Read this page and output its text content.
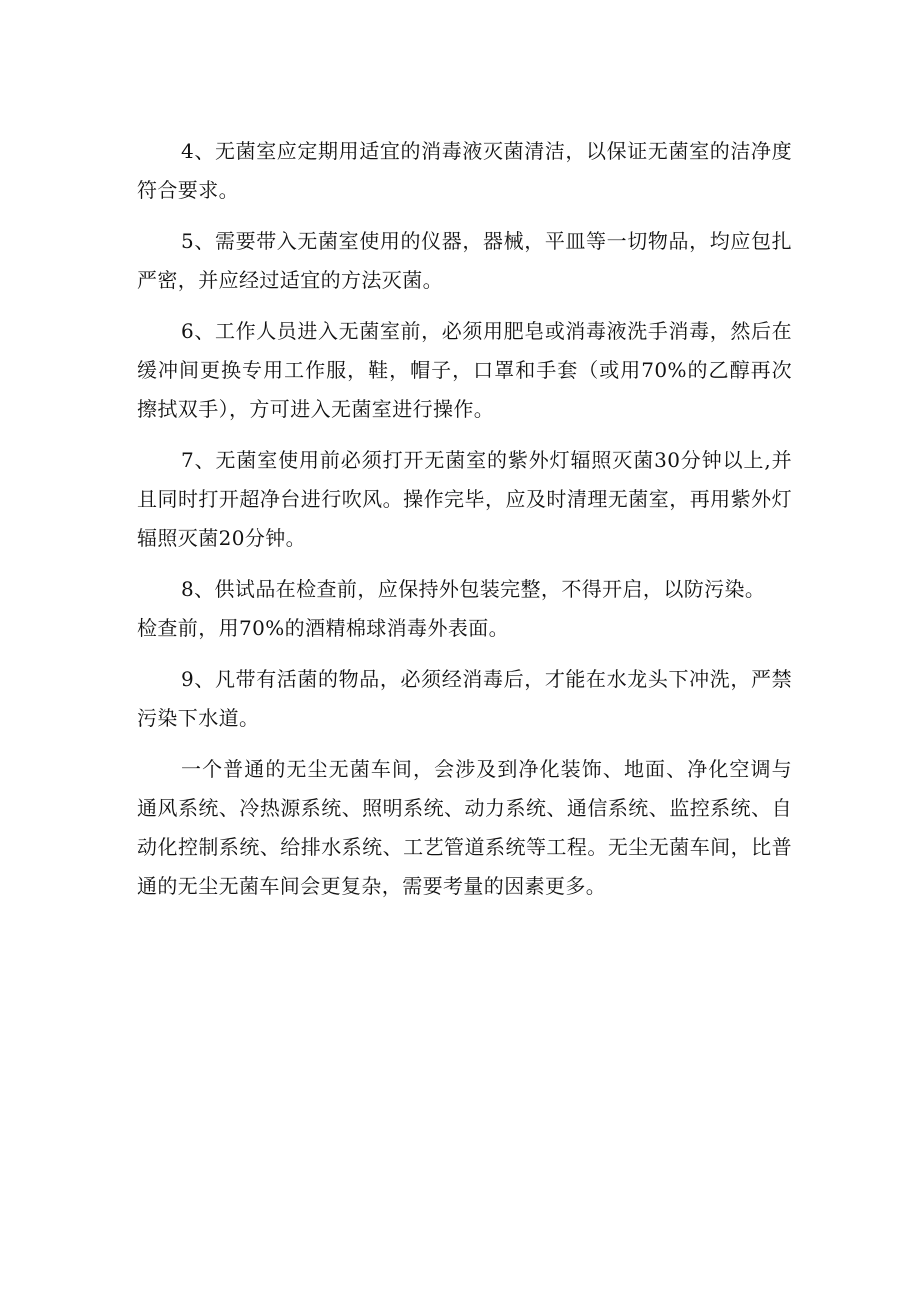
4、无菌室应定期用适宜的消毒液灭菌清洁，以保证无菌室的洁净度符合要求。

5、需要带入无菌室使用的仪器，器械，平皿等一切物品，均应包扎严密，并应经过适宜的方法灭菌。

6、工作人员进入无菌室前，必须用肥皂或消毒液洗手消毒，然后在缓冲间更换专用工作服，鞋，帽子，口罩和手套（或用70%的乙醇再次擦拭双手），方可进入无菌室进行操作。

7、无菌室使用前必须打开无菌室的紫外灯辐照灭菌30分钟以上,并且同时打开超净台进行吹风。操作完毕，应及时清理无菌室，再用紫外灯辐照灭菌20分钟。

8、供试品在检查前，应保持外包装完整，不得开启，以防污染。

检查前，用70%的酒精棉球消毒外表面。

9、凡带有活菌的物品，必须经消毒后，才能在水龙头下冲洗，严禁污染下水道。

一个普通的无尘无菌车间，会涉及到净化装饰、地面、净化空调与通风系统、冷热源系统、照明系统、动力系统、通信系统、监控系统、自动化控制系统、给排水系统、工艺管道系统等工程。无尘无菌车间，比普通的无尘无菌车间会更复杂，需要考量的因素更多。
